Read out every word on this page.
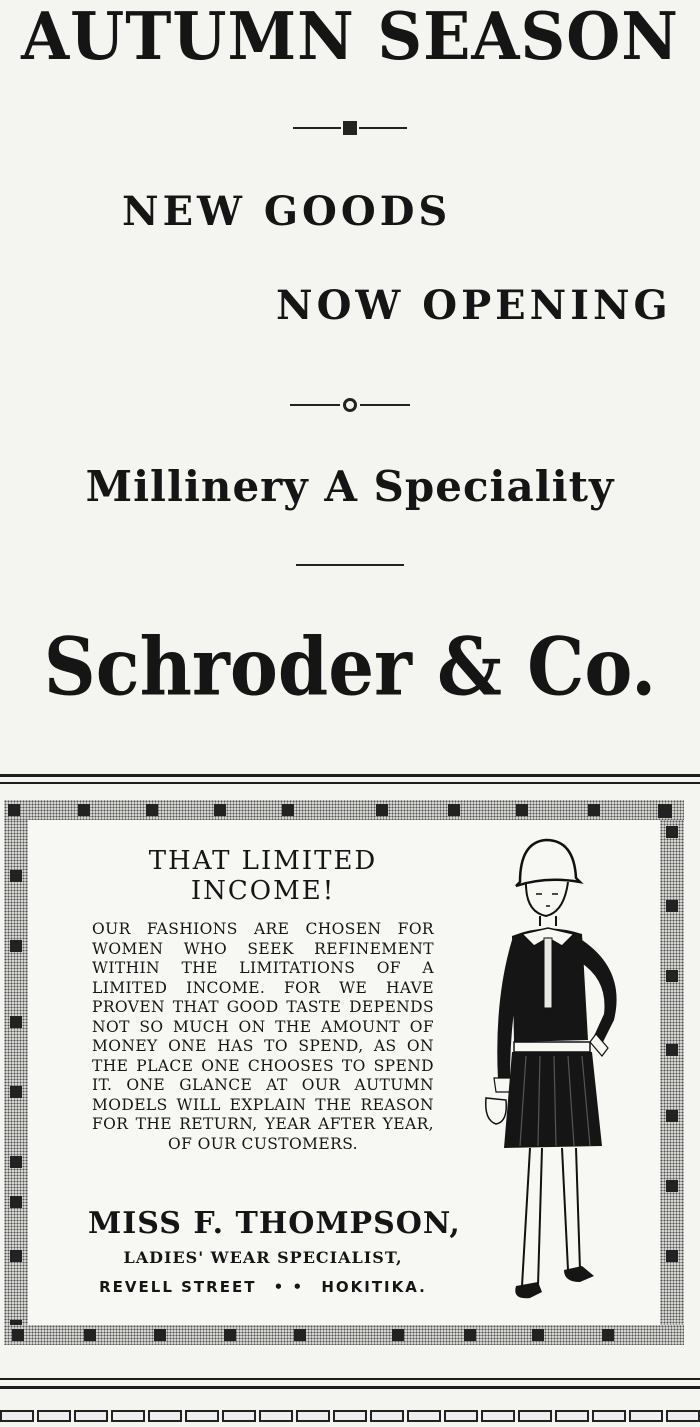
AUTUMN SEASON
NEW GOODS
NOW OPENING
Millinery A Speciality
Schroder & Co.
THAT LIMITED
INCOME!
OUR FASHIONS ARE CHOSEN FOR WOMEN WHO SEEK REFINEMENT WITHIN THE LIMITATIONS OF A LIMITED INCOME. FOR WE HAVE PROVEN THAT GOOD TASTE DEPENDS NOT SO MUCH ON THE AMOUNT OF MONEY ONE HAS TO SPEND, AS ON THE PLACE ONE CHOOSES TO SPEND IT. ONE GLANCE AT OUR AUTUMN MODELS WILL EXPLAIN THE REASON FOR THE RETURN, YEAR AFTER YEAR, OF OUR CUSTOMERS.
MISS F. THOMPSON,
LADIES' WEAR SPECIALIST,
REVELL STREET • • HOKITIKA.
